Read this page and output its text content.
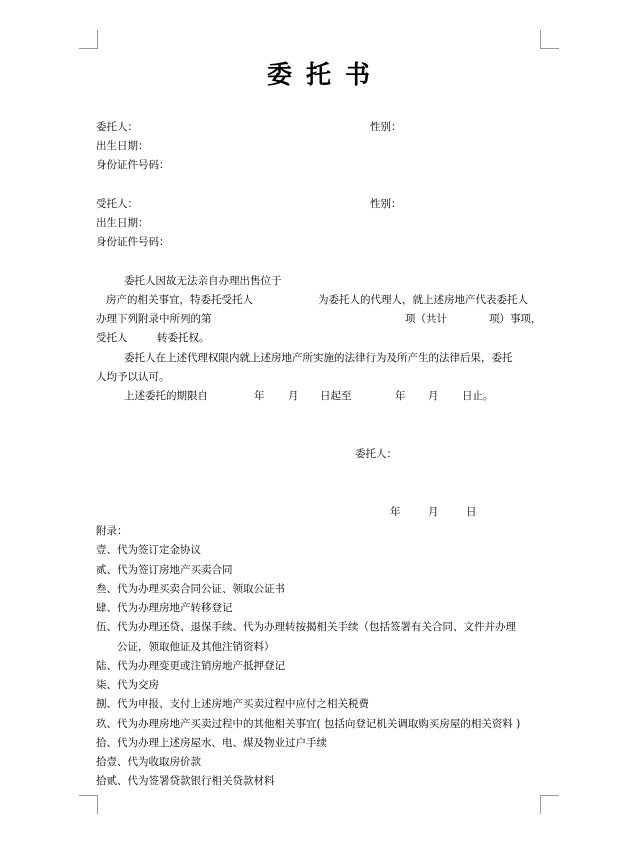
委托书
委托人：	性别：
出生日期：
身份证件号码：
受托人：	性别：
出生日期：
身份证件号码：
委托人因故无法亲自办理出售位于
房产的相关事宜，特委托受托人	为委托人的代理人，就上述房地产代表委托人
办理下列附录中所列的第	项（共计	项）事项，
受托人	转委托权。
委托人在上述代理权限内就上述房地产所实施的法律行为及所产生的法律后果，委托
人均予以认可。
上述委托的期限自	年 月 日起至	年 月 日止。
委托人：
年	月	日
附录：
壹、代为签订定金协议
贰、代为签订房地产买卖合同
叁、代为办理买卖合同公证、领取公证书
肆、代为办理房地产转移登记
伍、代为办理还贷、退保手续、代为办理转按揭相关手续（包括签署有关合同、文件并办理
公证，领取他证及其他注销资料）
陆、代为办理变更或注销房地产抵押登记
柒、代为交房
捌、代为申报、支付上述房地产买卖过程中应付之相关税费
玖、代为办理房地产买卖过程中的其他相关事宜( 包括向登记机关调取购买房屋的相关资料 )
拾、代为办理上述房屋水、电、煤及物业过户手续
拾壹、代为收取房价款
拾贰、代为签署贷款银行相关贷款材料
